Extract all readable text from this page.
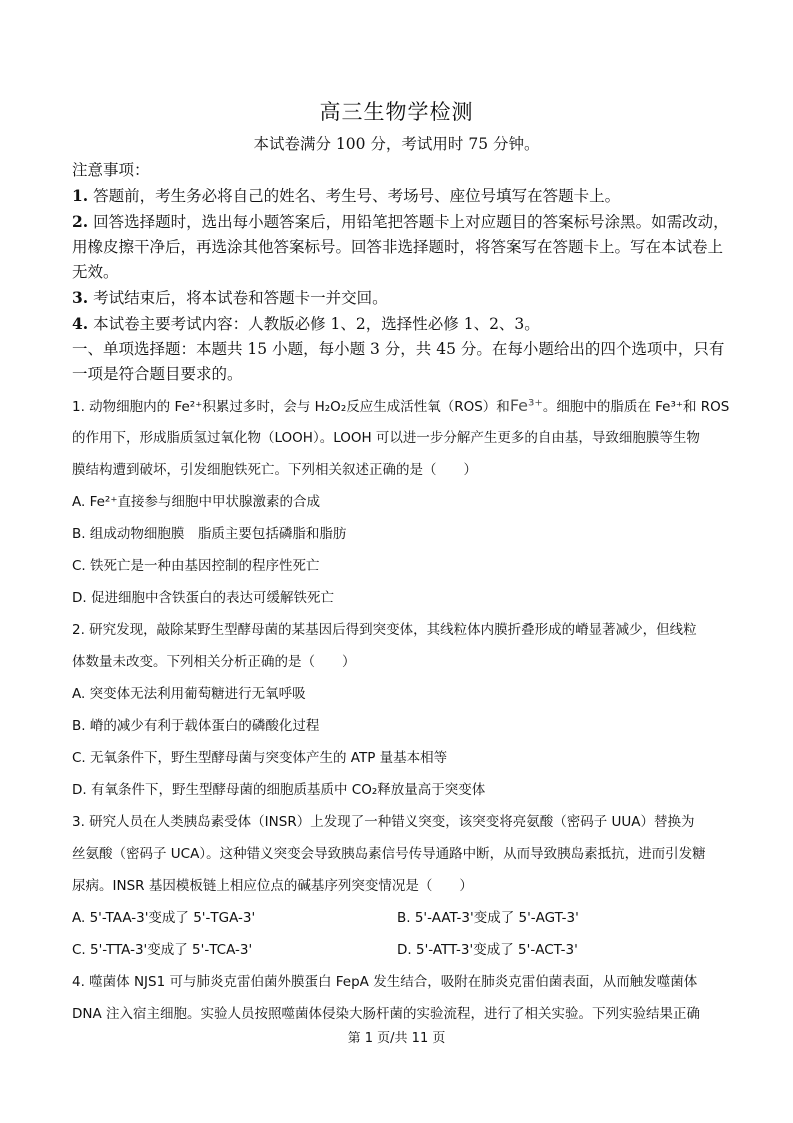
高三生物学检测
本试卷满分 100 分，考试用时 75 分钟。

注意事项：

1. 答题前，考生务必将自己的姓名、考生号、考场号、座位号填写在答题卡上。

2. 回答选择题时，选出每小题答案后，用铅笔把答题卡上对应题目的答案标号涂黑。如需改动，用橡皮擦干净后，再选涂其他答案标号。回答非选择题时，将答案写在答题卡上。写在本试卷上无效。

3. 考试结束后，将本试卷和答题卡一并交回。

4. 本试卷主要考试内容：人教版必修 1、2，选择性必修 1、2、3。

一、单项选择题：本题共 15 小题，每小题 3 分，共 45 分。在每小题给出的四个选项中，只有一项是符合题目要求的。

1. 动物细胞内的 Fe²⁺积累过多时，会与 H₂O₂反应生成活性氧（ROS）和Fe³⁺。细胞中的脂质在 Fe³⁺和 ROS
的作用下，形成脂质氢过氧化物（LOOH）。LOOH 可以进一步分解产生更多的自由基，导致细胞膜等生物
膜结构遭到破坏，引发细胞铁死亡。下列相关叙述正确的是（　　）
A. Fe²⁺直接参与细胞中甲状腺激素的合成
B. 组成动物细胞膜　脂质主要包括磷脂和脂肪
C. 铁死亡是一种由基因控制的程序性死亡
D. 促进细胞中含铁蛋白的表达可缓解铁死亡
2. 研究发现，敲除某野生型酵母菌的某基因后得到突变体，其线粒体内膜折叠形成的嵴显著减少，但线粒
体数量未改变。下列相关分析正确的是（　　）
A. 突变体无法利用葡萄糖进行无氧呼吸
B. 嵴的减少有利于载体蛋白的磷酸化过程
C. 无氧条件下，野生型酵母菌与突变体产生的 ATP 量基本相等
D. 有氧条件下，野生型酵母菌的细胞质基质中 CO₂释放量高于突变体
3. 研究人员在人类胰岛素受体（INSR）上发现了一种错义突变，该突变将亮氨酸（密码子 UUA）替换为
丝氨酸（密码子 UCA）。这种错义突变会导致胰岛素信号传导通路中断，从而导致胰岛素抵抗，进而引发糖
尿病。INSR 基因模板链上相应位点的碱基序列突变情况是（　　）
A. 5'-TAA-3'变成了 5'-TGA-3'	B. 5'-AAT-3'变成了 5'-AGT-3'
C. 5'-TTA-3'变成了 5'-TCA-3'	D. 5'-ATT-3'变成了 5'-ACT-3'
4. 噬菌体 NJS1 可与肺炎克雷伯菌外膜蛋白 FepA 发生结合，吸附在肺炎克雷伯菌表面，从而触发噬菌体
DNA 注入宿主细胞。实验人员按照噬菌体侵染大肠杆菌的实验流程，进行了相关实验。下列实验结果正确
第 1 页/共 11 页
